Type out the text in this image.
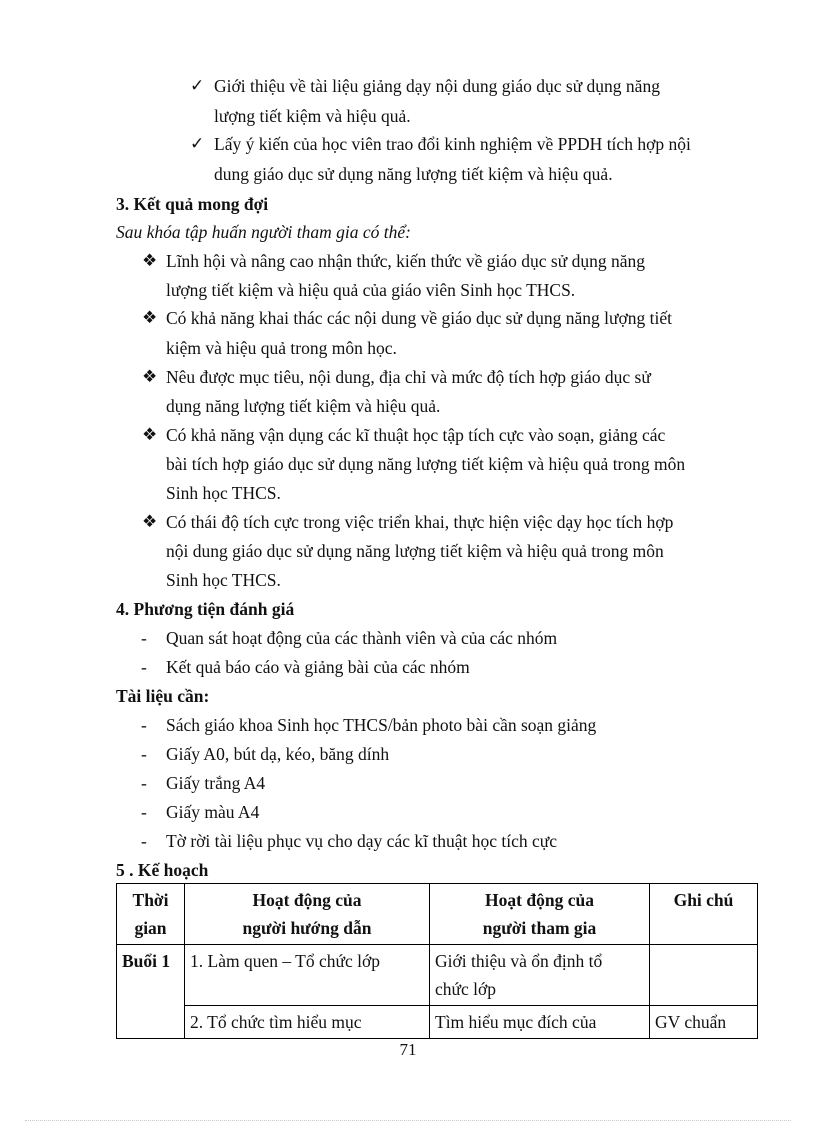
✓ Giới thiệu về tài liệu giảng dạy nội dung giáo dục sử dụng năng
lượng tiết kiệm và hiệu quả.
✓ Lấy ý kiến của học viên trao đổi kinh nghiệm về PPDH tích hợp nội
dung giáo dục sử dụng năng lượng tiết kiệm và hiệu quả.
3. Kết quả mong đợi
Sau khóa tập huấn người tham gia có thể:
❖ Lĩnh hội và nâng cao nhận thức, kiến thức về giáo dục sử dụng năng
lượng tiết kiệm và hiệu quả của giáo viên Sinh học THCS.
❖ Có khả năng khai thác các nội dung về giáo dục sử dụng năng lượng tiết
kiệm và hiệu quả trong môn học.
❖ Nêu được mục tiêu, nội dung, địa chỉ và mức độ tích hợp giáo dục sử
dụng năng lượng tiết kiệm và hiệu quả.
❖ Có khả năng vận dụng các kĩ thuật học tập tích cực vào soạn, giảng các
bài tích hợp giáo dục sử dụng năng lượng tiết kiệm và hiệu quả trong môn
Sinh học THCS.
❖ Có thái độ tích cực trong việc triển khai, thực hiện việc dạy học tích hợp
nội dung giáo dục sử dụng năng lượng tiết kiệm và hiệu quả trong môn
Sinh học THCS.
4. Phương tiện đánh giá
- Quan sát hoạt động của các thành viên và của các nhóm
- Kết quả báo cáo và giảng bài của các nhóm
Tài liệu cần:
- Sách giáo khoa Sinh học THCS/bản photo bài cần soạn giảng
- Giấy A0, bút dạ, kéo, băng dính
- Giấy trắng A4
- Giấy màu A4
- Tờ rời tài liệu phục vụ cho dạy các kĩ thuật học tích cực
5 . Kế hoạch
Thời
gian	Hoạt động của
người hướng dẫn	Hoạt động của
người tham gia	Ghi chú
Buổi 1	1. Làm quen – Tổ chức lớp	Giới thiệu và ổn định tổ
chức lớp	
	2. Tổ chức tìm hiểu mục	Tìm hiểu mục đích của	GV chuẩn
71
